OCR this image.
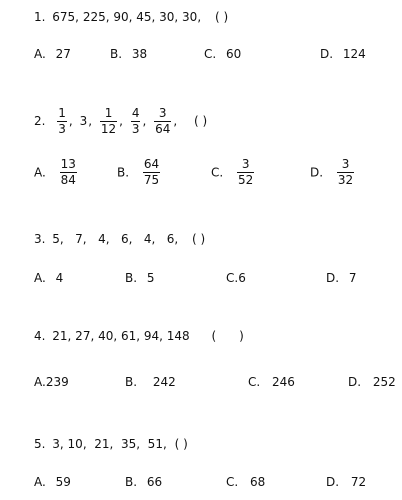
1. 675, 225, 90, 45, 30, 30, ( )
A. 27	B. 38	C. 60	D. 124
2. $\frac{1}{3}$ , 3, $\frac{1}{12}$ , $\frac{4}{3}$ , $\frac{3}{64}$ , ( )
A. $\frac{13}{84}$	B. $\frac{64}{75}$	C. $\frac{3}{52}$	D. $\frac{3}{32}$
3. 5,   7,   4,   6,   4,   6, ( )
A. 4	B. 5	C.6	D. 7
4. 21, 27, 40, 61, 94, 148 (      )
A.239	B. 242	C. 246	D. 252
5. 3, 10,  21,  35,  51, ( )
A. 59	B. 66	C. 68	D. 72
